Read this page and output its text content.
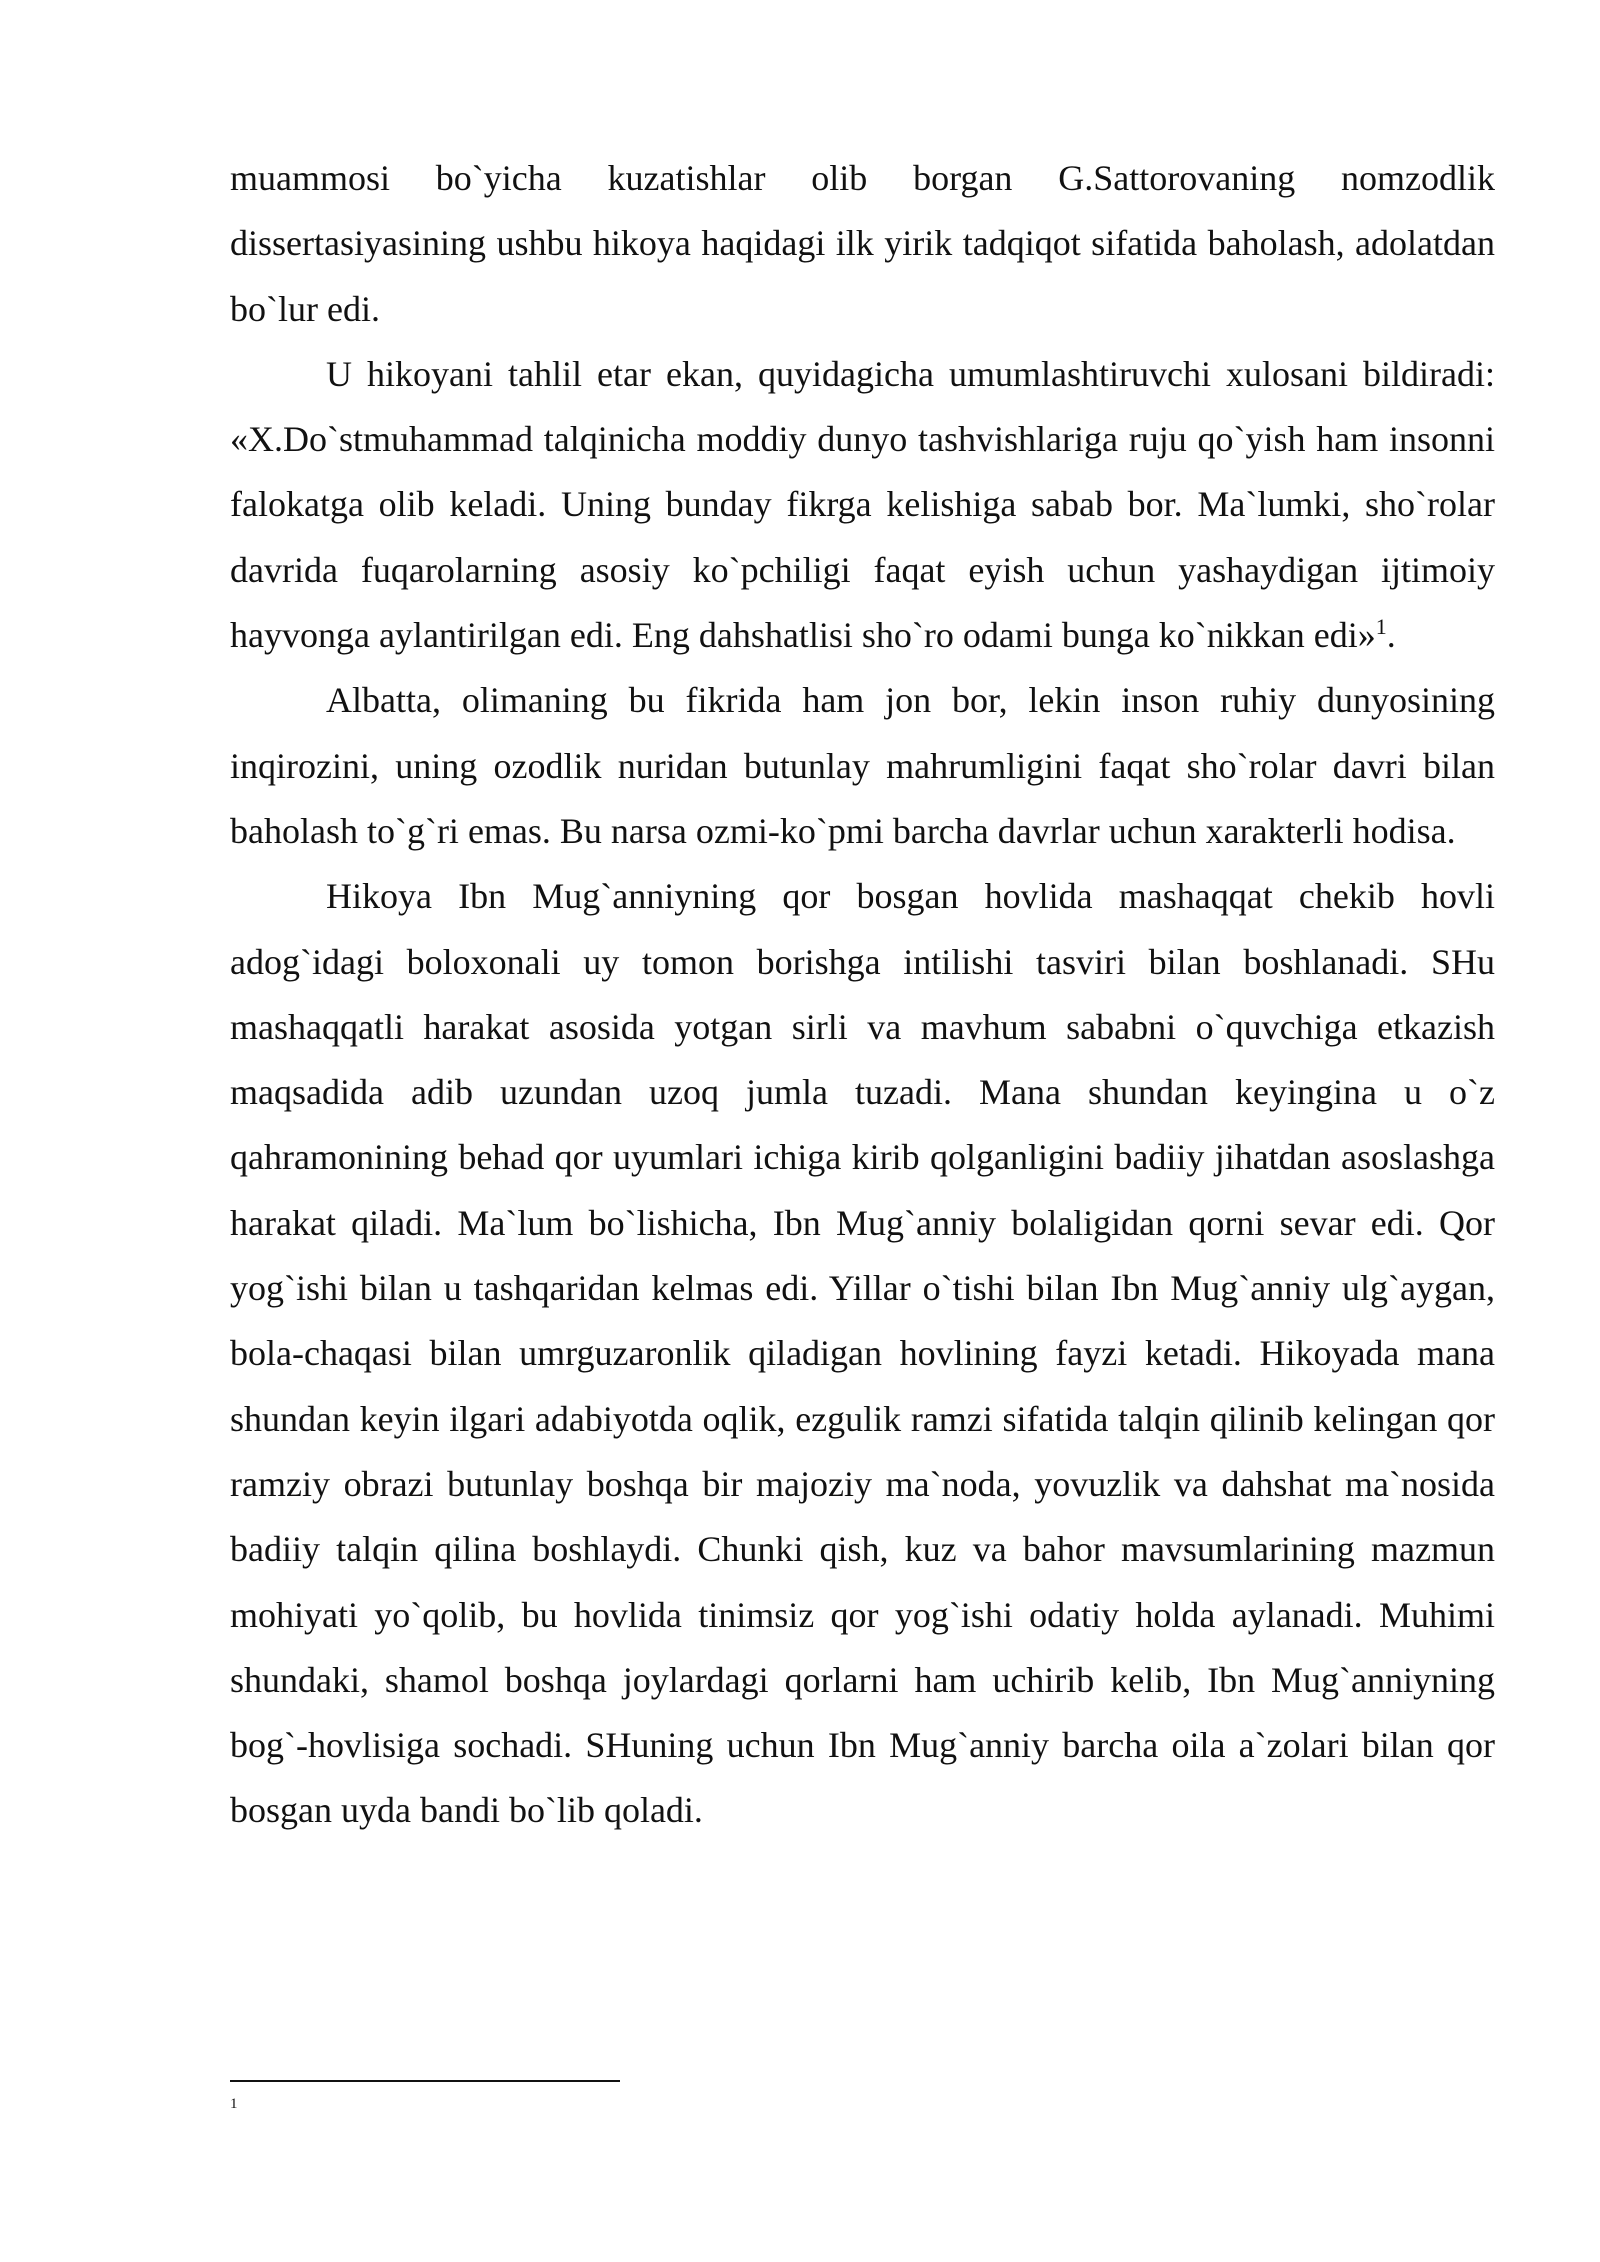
muammosi bo`yicha kuzatishlar olib borgan G.Sattorovaning nomzodlik dissertasiyasining ushbu hikoya haqidagi ilk yirik tadqiqot sifatida baholash, adolatdan bo`lur edi.

U hikoyani tahlil etar ekan, quyidagicha umumlashtiruvchi xulosani bildiradi: «X.Do`stmuhammad talqinicha moddiy dunyo tashvishlariga ruju qo`yish ham insonni falokatga olib keladi. Uning bunday fikrga kelishiga sabab bor. Ma`lumki, sho`rolar davrida fuqarolarning asosiy ko`pchiligi faqat eyish uchun yashaydigan ijtimoiy hayvonga aylantirilgan edi. Eng dahshatlisi sho`ro odami bunga ko`nikkan edi»$^1$.

Albatta, olimaning bu fikrida ham jon bor, lekin inson ruhiy dunyosining inqirozini, uning ozodlik nuridan butunlay mahrumligini faqat sho`rolar davri bilan baholash to`g`ri emas. Bu narsa ozmi-ko`pmi barcha davrlar uchun xarakterli hodisa.

Hikoya Ibn Mug`anniyning qor bosgan hovlida mashaqqat chekib hovli adog`idagi boloxonali uy tomon borishga intilishi tasviri bilan boshlanadi. SHu mashaqqatli harakat asosida yotgan sirli va mavhum sababni o`quvchiga etkazish maqsadida adib uzundan uzoq jumla tuzadi. Mana shundan keyingina u o`z qahramonining behad qor uyumlari ichiga kirib qolganligini badiiy jihatdan asoslashga harakat qiladi. Ma`lum bo`lishicha, Ibn Mug`anniy bolaligidan qorni sevar edi. Qor yog`ishi bilan u tashqaridan kelmas edi. Yillar o`tishi bilan Ibn Mug`anniy ulg`aygan, bola-chaqasi bilan umrguzaronlik qiladigan hovlining fayzi ketadi. Hikoyada mana shundan keyin ilgari adabiyotda oqlik, ezgulik ramzi sifatida talqin qilinib kelingan qor ramziy obrazi butunlay boshqa bir majoziy ma`noda, yovuzlik va dahshat ma`nosida badiiy talqin qilina boshlaydi. Chunki qish, kuz va bahor mavsumlarining mazmun mohiyati yo`qolib, bu hovlida tinimsiz qor yog`ishi odatiy holda aylanadi. Muhimi shundaki, shamol boshqa joylardagi qorlarni ham uchirib kelib, Ibn Mug`anniyning bog`-hovlisiga sochadi. SHuning uchun Ibn Mug`anniy barcha oila a`zolari bilan qor bosgan uyda bandi bo`lib qoladi.

$^1$
